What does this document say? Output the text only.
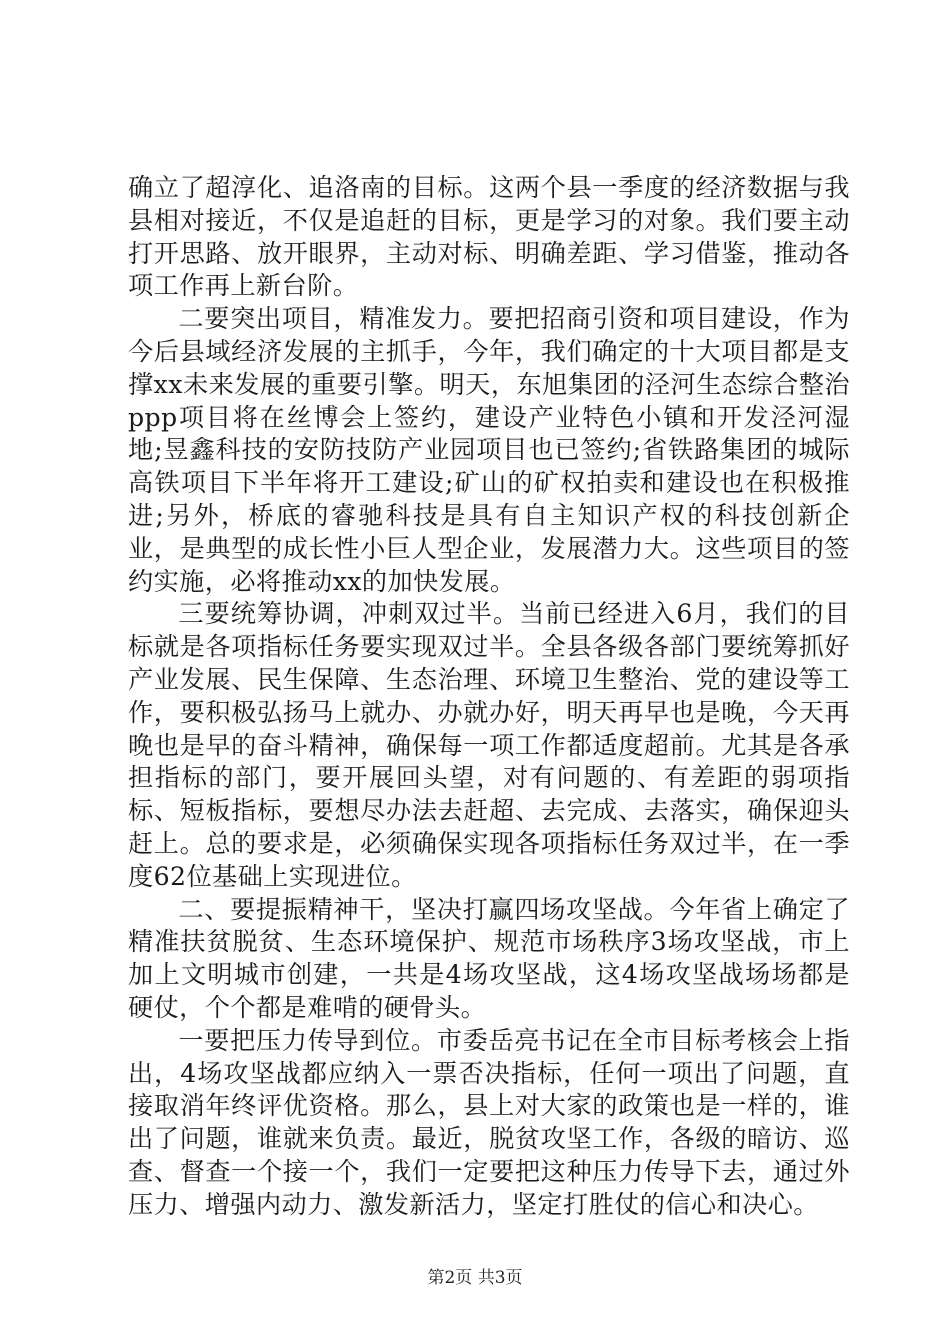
确立了超淳化、追洛南的目标。这两个县一季度的经济数据与我县相对接近，不仅是追赶的目标，更是学习的对象。我们要主动打开思路、放开眼界，主动对标、明确差距、学习借鉴，推动各项工作再上新台阶。

二要突出项目，精准发力。要把招商引资和项目建设，作为今后县域经济发展的主抓手，今年，我们确定的十大项目都是支撑xx未来发展的重要引擎。明天，东旭集团的泾河生态综合整治ppp项目将在丝博会上签约，建设产业特色小镇和开发泾河湿地;昱鑫科技的安防技防产业园项目也已签约;省铁路集团的城际高铁项目下半年将开工建设;矿山的矿权拍卖和建设也在积极推进;另外，桥底的睿驰科技是具有自主知识产权的科技创新企业，是典型的成长性小巨人型企业，发展潜力大。这些项目的签约实施，必将推动xx的加快发展。

三要统筹协调，冲刺双过半。当前已经进入6月，我们的目标就是各项指标任务要实现双过半。全县各级各部门要统筹抓好产业发展、民生保障、生态治理、环境卫生整治、党的建设等工作，要积极弘扬马上就办、办就办好，明天再早也是晚，今天再晚也是早的奋斗精神，确保每一项工作都适度超前。尤其是各承担指标的部门，要开展回头望，对有问题的、有差距的弱项指标、短板指标，要想尽办法去赶超、去完成、去落实，确保迎头赶上。总的要求是，必须确保实现各项指标任务双过半，在一季度62位基础上实现进位。

二、要提振精神干，坚决打赢四场攻坚战。今年省上确定了精准扶贫脱贫、生态环境保护、规范市场秩序3场攻坚战，市上加上文明城市创建，一共是4场攻坚战，这4场攻坚战场场都是硬仗，个个都是难啃的硬骨头。

一要把压力传导到位。市委岳亮书记在全市目标考核会上指出，4场攻坚战都应纳入一票否决指标，任何一项出了问题，直接取消年终评优资格。那么，县上对大家的政策也是一样的，谁出了问题，谁就来负责。最近，脱贫攻坚工作，各级的暗访、巡查、督查一个接一个，我们一定要把这种压力传导下去，通过外压力、增强内动力、激发新活力，坚定打胜仗的信心和决心。

第2页 共3页
